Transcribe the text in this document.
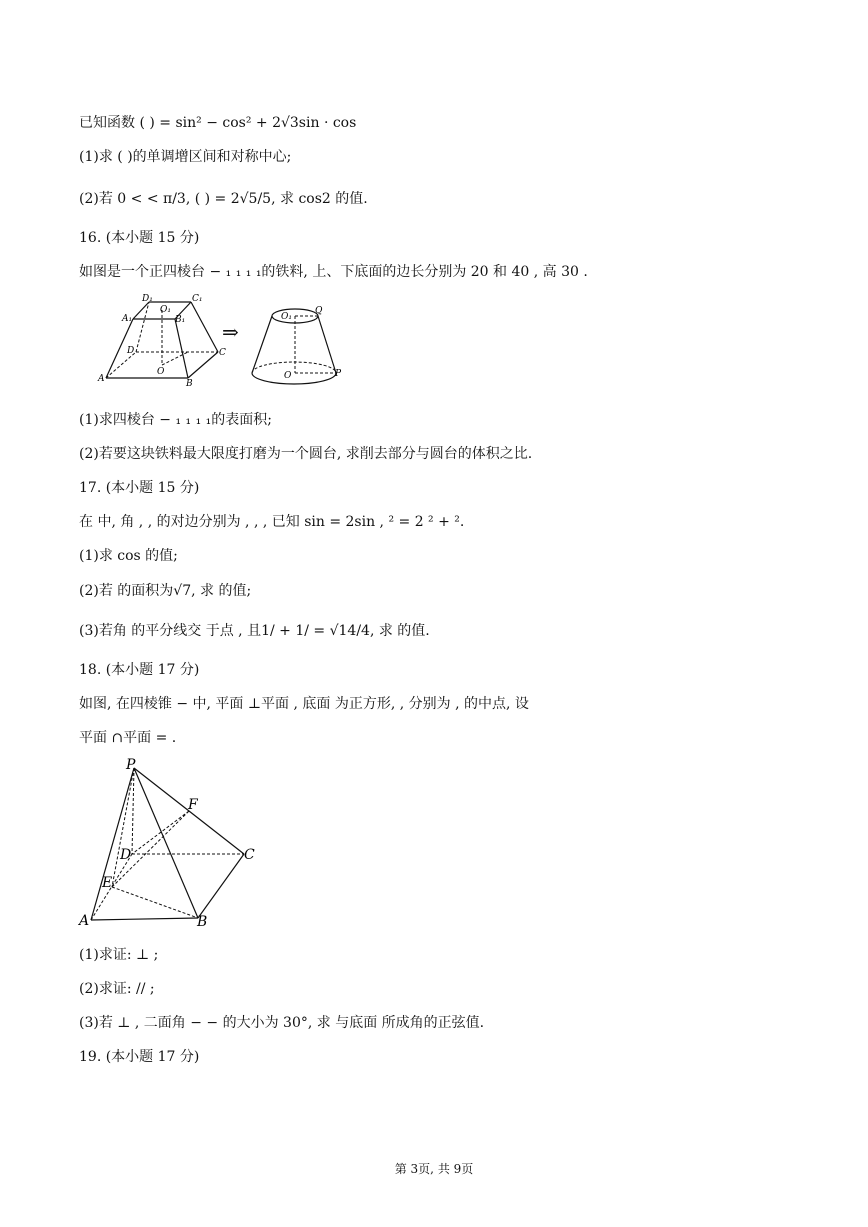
已知函数 ( ) = sin² − cos² + 2√3sin · cos
(1)求 ( )的单调增区间和对称中心;
(2)若 0 < < π/3, ( ) = 2√5/5, 求 cos2 的值.
16. (本小题 15 分)
如图是一个正四棱台 − ₁ ₁ ₁ ₁的铁料, 上、下底面的边长分别为 20 和 40 , 高 30 .
D₁	C₁
A₁
O₁
B₁
D	C
A
O
B
⇒
O₁
Q
O	P
(1)求四棱台 − ₁ ₁ ₁ ₁的表面积;
(2)若要这块铁料最大限度打磨为一个圆台, 求削去部分与圆台的体积之比.
17. (本小题 15 分)
在 中, 角 , , 的对边分别为 , , , 已知 sin = 2sin , ² = 2 ² + ².
(1)求 cos 的值;
(2)若 的面积为√7, 求 的值;
(3)若角 的平分线交 于点 , 且1/ + 1/ = √14/4, 求 的值.
18. (本小题 17 分)
如图, 在四棱锥 − 中, 平面 ⊥平面 , 底面 为正方形, , 分别为 , 的中点, 设
平面 ∩平面 = .
P
F
D	C
E
A	B
(1)求证: ⊥ ;
(2)求证: // ;
(3)若 ⊥ , 二面角 − − 的大小为 30°, 求 与底面 所成角的正弦值.
19. (本小题 17 分)
第 3页, 共 9页
